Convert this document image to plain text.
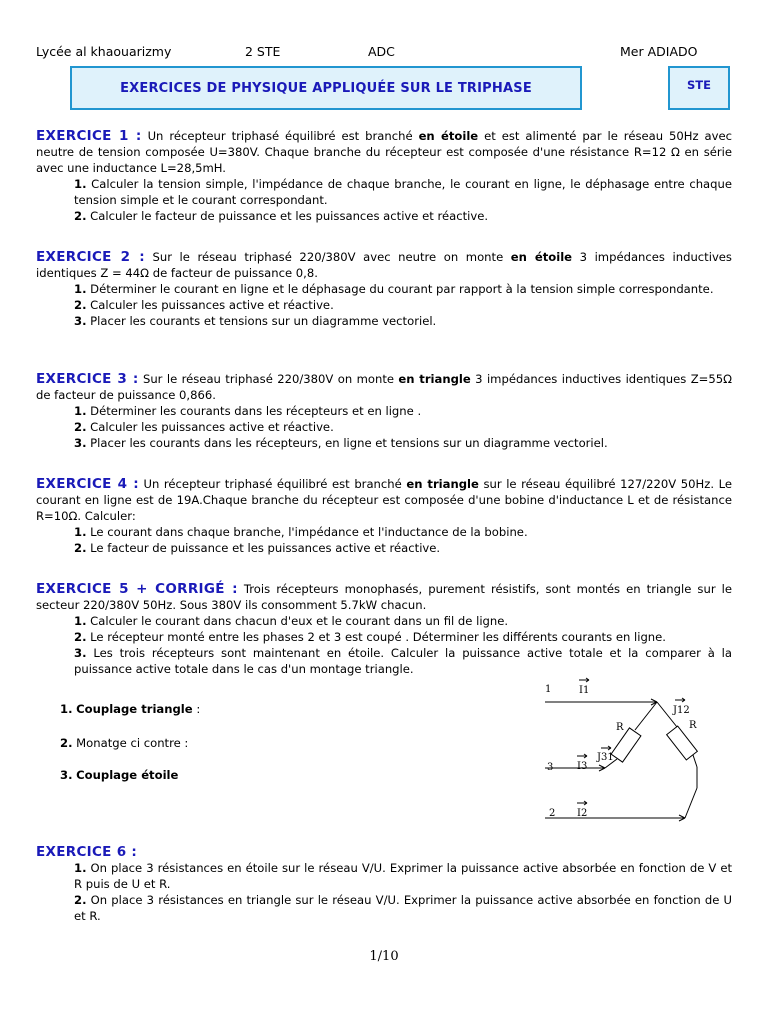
Lycée al khaouarizmy	2 STE	ADC	Mer ADIADO
EXERCICES DE PHYSIQUE APPLIQUÉE SUR LE TRIPHASE	STE
EXERCICE 1 : Un récepteur triphasé équilibré est branché en étoile et est alimenté par le réseau 50Hz avec neutre de tension composée U=380V. Chaque branche du récepteur est composée d'une résistance R=12 Ω en série avec une inductance L=28,5mH.
1. Calculer la tension simple, l'impédance de chaque branche, le courant en ligne, le déphasage entre chaque tension simple et le courant correspondant.
2. Calculer le facteur de puissance et les puissances active et réactive.
EXERCICE 2 : Sur le réseau triphasé 220/380V avec neutre on monte en étoile 3 impédances inductives identiques Z = 44Ω de facteur de puissance 0,8.
1. Déterminer le courant en ligne et le déphasage du courant par rapport à la tension simple correspondante.
2. Calculer les puissances active et réactive.
3. Placer les courants et tensions sur un diagramme vectoriel.
EXERCICE 3 : Sur le réseau triphasé 220/380V on monte en triangle 3 impédances inductives identiques Z=55Ω de facteur de puissance 0,866.
1. Déterminer les courants dans les récepteurs et en ligne .
2. Calculer les puissances active et réactive.
3. Placer les courants dans les récepteurs, en ligne et tensions sur un diagramme vectoriel.
EXERCICE 4 : Un récepteur triphasé équilibré est branché en triangle sur le réseau équilibré 127/220V 50Hz. Le courant en ligne est de 19A.Chaque branche du récepteur est composée d'une bobine d'inductance L et de résistance R=10Ω. Calculer:
1. Le courant dans chaque branche, l'impédance et l'inductance de la bobine.
2. Le facteur de puissance et les puissances active et réactive.
EXERCICE 5 + CORRIGÉ : Trois récepteurs monophasés, purement résistifs, sont montés en triangle sur le secteur 220/380V 50Hz. Sous 380V ils consomment 5.7kW chacun.
1. Calculer le courant dans chacun d'eux et le courant dans un fil de ligne.
2. Le récepteur monté entre les phases 2 et 3 est coupé . Déterminer les différents courants en ligne.
3. Les trois récepteurs sont maintenant en étoile. Calculer la puissance active totale et la comparer à la puissance active totale dans le cas d'un montage triangle.
1. Couplage triangle :
2. Monatge ci contre :
3. Couplage étoile
1	I1
J12
R	R
J31
3 I3
2 I2
EXERCICE 6 :
1. On place 3 résistances en étoile sur le réseau V/U. Exprimer la puissance active absorbée en fonction de V et R puis de U et R.
2. On place 3 résistances en triangle sur le réseau V/U. Exprimer la puissance active absorbée en fonction de U et R.
1/10
